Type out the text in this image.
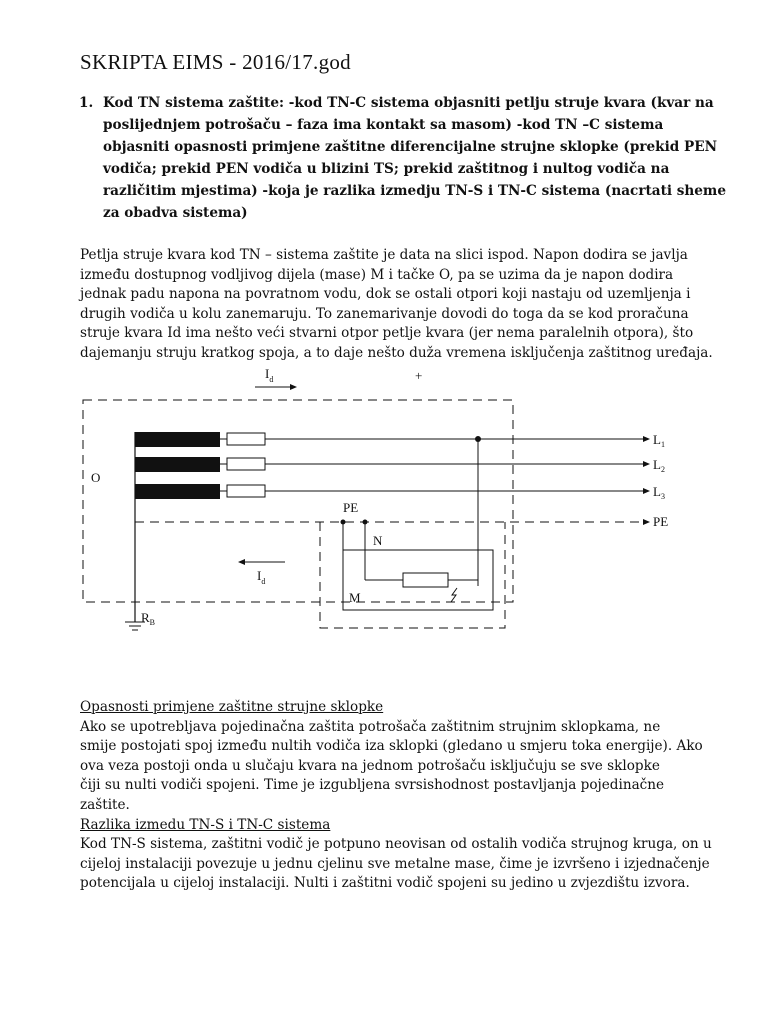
SKRIPTA EIMS - 2016/17.god
1. Kod TN sistema zaštite: -kod TN-C sistema objasniti petlju struje kvara (kvar na
poslijednjem potrošaču – faza ima kontakt sa masom) -kod TN –C sistema
objasniti opasnosti primjene zaštitne diferencijalne strujne sklopke (prekid PEN
vodiča; prekid PEN vodiča u blizini TS; prekid zaštitnog i nultog vodiča na
različitim mjestima) -koja je razlika izmedju TN-S i TN-C sistema (nacrtati sheme
za obadva sistema)
Petlja struje kvara kod TN – sistema zaštite je data na slici ispod. Napon dodira se javlja
između dostupnog vodljivog dijela (mase) M i tačke O, pa se uzima da je napon dodira
jednak padu napona na povratnom vodu, dok se ostali otpori koji nastaju od uzemljenja i
drugih vodiča u kolu zanemaruju. To zanemarivanje dovodi do toga da se kod proračuna
struje kvara Id ima nešto veći stvarni otpor petlje kvara (jer nema paralelnih otpora), što
dajemanju struju kratkog spoja, a to daje nešto duža vremena isključenja zaštitnog uređaja.
$I_d$	+
O
$L_1$
$L_2$
$L_3$
PE
PE
N
M
$I_d$
$R_B$
Opasnosti primjene zaštitne strujne sklopke
Ako se upotrebljava pojedinačna zaštita potrošača zaštitnim strujnim sklopkama, ne
smije postojati spoj između nultih vodiča iza sklopki (gledano u smjeru toka energije). Ako
ova veza postoji onda u slučaju kvara na jednom potrošaču isključuju se sve sklopke
čiji su nulti vodiči spojeni. Time je izgubljena svrsishodnost postavljanja pojedinačne
zaštite.
Razlika izmedu TN-S i TN-C sistema
Kod TN-S sistema, zaštitni vodič je potpuno neovisan od ostalih vodiča strujnog kruga, on u
cijeloj instalaciji povezuje u jednu cjelinu sve metalne mase, čime je izvršeno i izjednačenje
potencijala u cijeloj instalaciji. Nulti i zaštitni vodič spojeni su jedino u zvjezdištu izvora.
